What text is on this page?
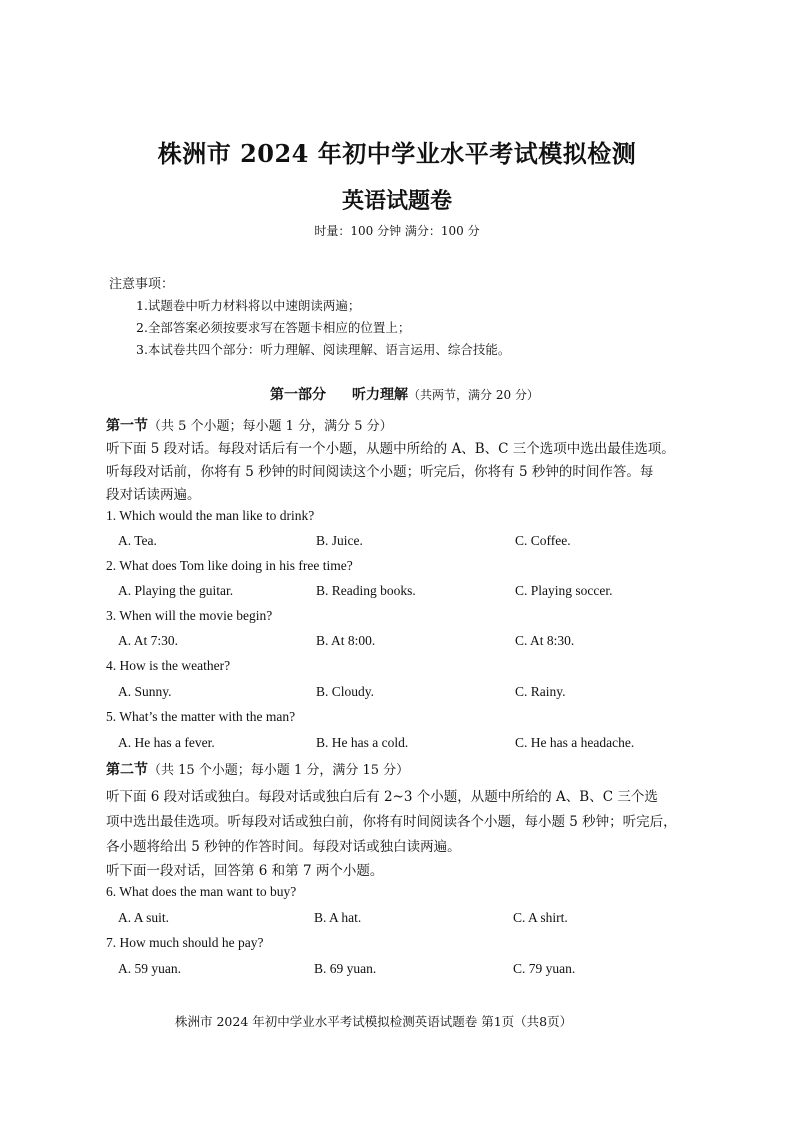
株洲市 2024 年初中学业水平考试模拟检测
英语试题卷
时量：100 分钟 满分：100 分
注意事项：
1.试题卷中听力材料将以中速朗读两遍；
2.全部答案必须按要求写在答题卡相应的位置上；
3.本试卷共四个部分：听力理解、阅读理解、语言运用、综合技能。
第一部分 听力理解（共两节，满分 20 分）
第一节（共 5 个小题；每小题 1 分，满分 5 分）
听下面 5 段对话。每段对话后有一个小题，从题中所给的 A、B、C 三个选项中选出最佳选项。
听每段对话前，你将有 5 秒钟的时间阅读这个小题；听完后，你将有 5 秒钟的时间作答。每
段对话读两遍。
1. Which would the man like to drink?
A. Tea.	B. Juice.	C. Coffee.
2. What does Tom like doing in his free time?
A. Playing the guitar.	B. Reading books.	C. Playing soccer.
3. When will the movie begin?
A. At 7:30.	B. At 8:00.	C. At 8:30.
4. How is the weather?
A. Sunny.	B. Cloudy.	C. Rainy.
5. What’s the matter with the man?
A. He has a fever.	B. He has a cold.	C. He has a headache.
第二节（共 15 个小题；每小题 1 分，满分 15 分）
听下面 6 段对话或独白。每段对话或独白后有 2~3 个小题，从题中所给的 A、B、C 三个选
项中选出最佳选项。听每段对话或独白前，你将有时间阅读各个小题，每小题 5 秒钟；听完后，
各小题将给出 5 秒钟的作答时间。每段对话或独白读两遍。
听下面一段对话，回答第 6 和第 7 两个小题。
6. What does the man want to buy?
A. A suit.	B. A hat.	C. A shirt.
7. How much should he pay?
A. 59 yuan.	B. 69 yuan.	C. 79 yuan.
株洲市 2024 年初中学业水平考试模拟检测英语试题卷 第1页（共8页）
